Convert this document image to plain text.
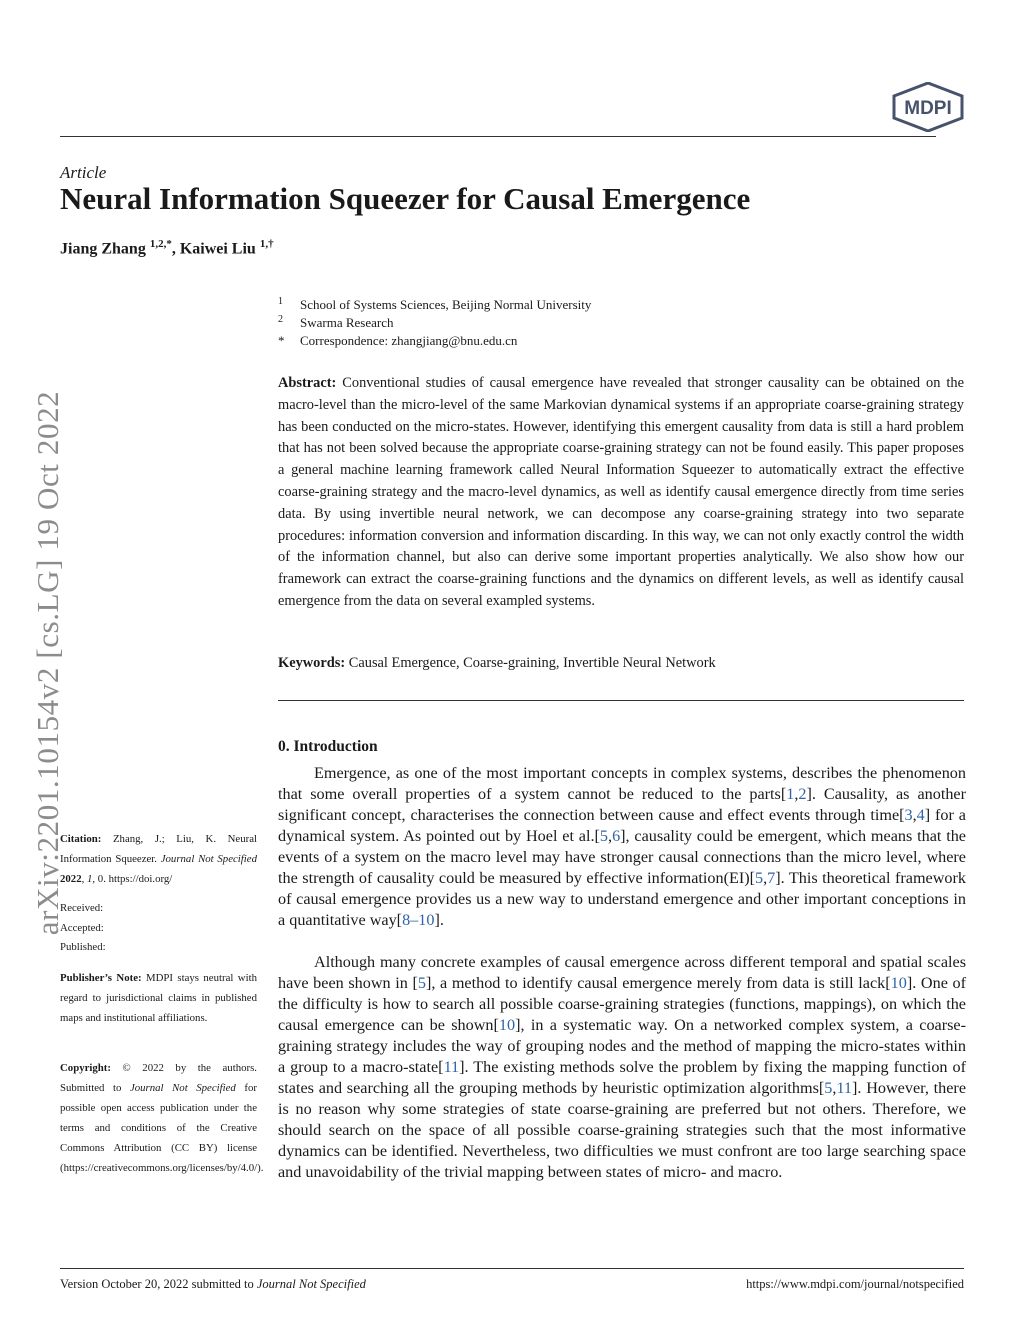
MDPI
Article
Neural Information Squeezer for Causal Emergence
Jiang Zhang $^{1,2,*}$, Kaiwei Liu $^{1,\dagger}$
1 School of Systems Sciences, Beijing Normal University
2 Swarma Research
* Correspondence: zhangjiang@bnu.edu.cn
arXiv:2201.10154v2 [cs.LG] 19 Oct 2022
Abstract: Conventional studies of causal emergence have revealed that stronger causality can be obtained on the macro-level than the micro-level of the same Markovian dynamical systems if an appropriate coarse-graining strategy has been conducted on the micro-states. However, identifying this emergent causality from data is still a hard problem that has not been solved because the appropriate coarse-graining strategy can not be found easily. This paper proposes a general machine learning framework called Neural Information Squeezer to automatically extract the effective coarse-graining strategy and the macro-level dynamics, as well as identify causal emergence directly from time series data. By using invertible neural network, we can decompose any coarse-graining strategy into two separate procedures: information conversion and information discarding. In this way, we can not only exactly control the width of the information channel, but also can derive some important properties analytically. We also show how our framework can extract the coarse-graining functions and the dynamics on different levels, as well as identify causal emergence from the data on several exampled systems.
Keywords: Causal Emergence, Coarse-graining, Invertible Neural Network
0. Introduction

Emergence, as one of the most important concepts in complex systems, describes the phenomenon that some overall properties of a system cannot be reduced to the parts[1,2]. Causality, as another significant concept, characterises the connection between cause and effect events through time[3,4] for a dynamical system. As pointed out by Hoel et al.[5,6], causality could be emergent, which means that the events of a system on the macro level may have stronger causal connections than the micro level, where the strength of causality could be measured by effective information(EI)[5,7]. This theoretical framework of causal emergence provides us a new way to understand emergence and other important conceptions in a quantitative way[8–10].

Although many concrete examples of causal emergence across different temporal and spatial scales have been shown in [5], a method to identify causal emergence merely from data is still lack[10]. One of the difficulty is how to search all possible coarse-graining strategies (functions, mappings), on which the causal emergence can be shown[10], in a systematic way. On a networked complex system, a coarse-graining strategy includes the way of grouping nodes and the method of mapping the micro-states within a group to a macro-state[11]. The existing methods solve the problem by fixing the mapping function of states and searching all the grouping methods by heuristic optimization algorithms[5,11]. However, there is no reason why some strategies of state coarse-graining are preferred but not others. Therefore, we should search on the space of all possible coarse-graining strategies such that the most informative dynamics can be identified. Nevertheless, two difficulties we must confront are too large searching space and unavoidability of the trivial mapping between states of micro- and macro.

Citation: Zhang, J.; Liu, K. Neural Information Squeezer. Journal Not Specified 2022, 1, 0. https://doi.org/
Received:
Accepted:
Published:
Publisher’s Note: MDPI stays neutral with regard to jurisdictional claims in published maps and institutional affiliations.
Copyright: © 2022 by the authors. Submitted to Journal Not Specified for possible open access publication under the terms and conditions of the Creative Commons Attribution (CC BY) license (https://creativecommons.org/licenses/by/4.0/).
Version October 20, 2022 submitted to Journal Not Specified	https://www.mdpi.com/journal/notspecified
